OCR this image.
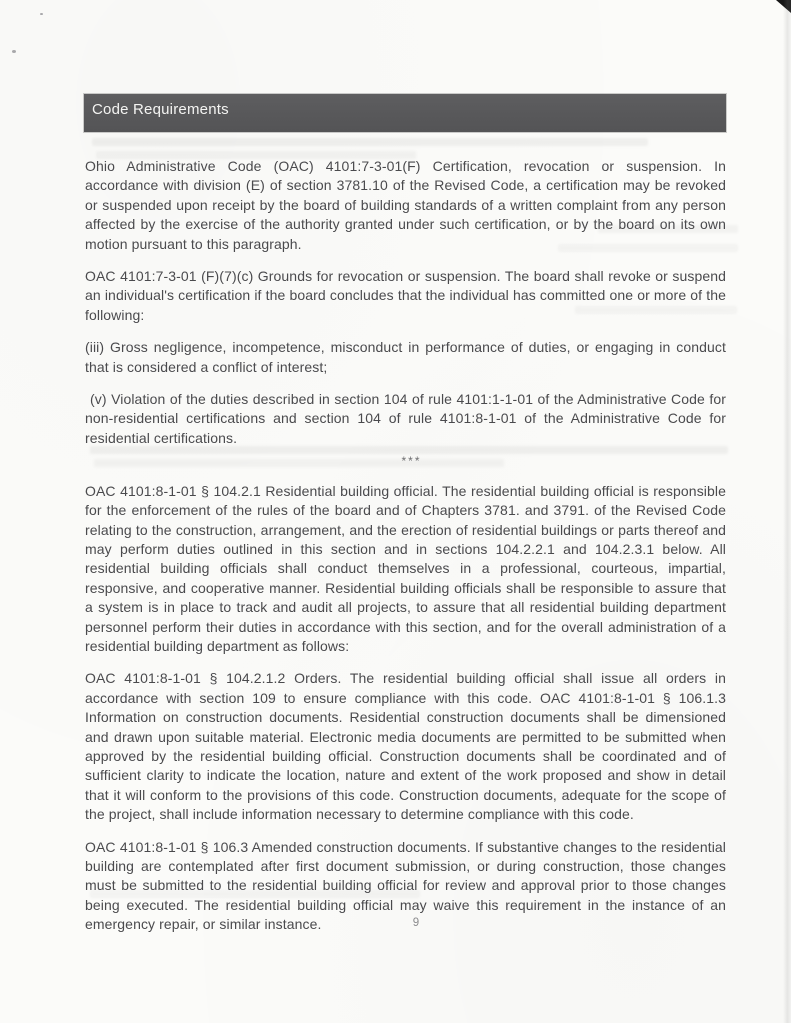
Code Requirements

Ohio Administrative Code (OAC) 4101:7-3-01(F) Certification, revocation or suspension. In accordance with division (E) of section 3781.10 of the Revised Code, a certification may be revoked or suspended upon receipt by the board of building standards of a written complaint from any person affected by the exercise of the authority granted under such certification, or by the board on its own motion pursuant to this paragraph.

OAC 4101:7-3-01 (F)(7)(c) Grounds for revocation or suspension. The board shall revoke or suspend an individual's certification if the board concludes that the individual has committed one or more of the following:

(iii) Gross negligence, incompetence, misconduct in performance of duties, or engaging in conduct that is considered a conflict of interest;

(v) Violation of the duties described in section 104 of rule 4101:1-1-01 of the Administrative Code for non-residential certifications and section 104 of rule 4101:8-1-01 of the Administrative Code for residential certifications.

***

OAC 4101:8-1-01 § 104.2.1 Residential building official. The residential building official is responsible for the enforcement of the rules of the board and of Chapters 3781. and 3791. of the Revised Code relating to the construction, arrangement, and the erection of residential buildings or parts thereof and may perform duties outlined in this section and in sections 104.2.2.1 and 104.2.3.1 below. All residential building officials shall conduct themselves in a professional, courteous, impartial, responsive, and cooperative manner. Residential building officials shall be responsible to assure that a system is in place to track and audit all projects, to assure that all residential building department personnel perform their duties in accordance with this section, and for the overall administration of a residential building department as follows:

OAC 4101:8-1-01 § 104.2.1.2 Orders. The residential building official shall issue all orders in accordance with section 109 to ensure compliance with this code. OAC 4101:8-1-01 § 106.1.3 Information on construction documents. Residential construction documents shall be dimensioned and drawn upon suitable material. Electronic media documents are permitted to be submitted when approved by the residential building official. Construction documents shall be coordinated and of sufficient clarity to indicate the location, nature and extent of the work proposed and show in detail that it will conform to the provisions of this code. Construction documents, adequate for the scope of the project, shall include information necessary to determine compliance with this code.

OAC 4101:8-1-01 § 106.3 Amended construction documents. If substantive changes to the residential building are contemplated after first document submission, or during construction, those changes must be submitted to the residential building official for review and approval prior to those changes being executed. The residential building official may waive this requirement in the instance of an emergency repair, or similar instance.	9
